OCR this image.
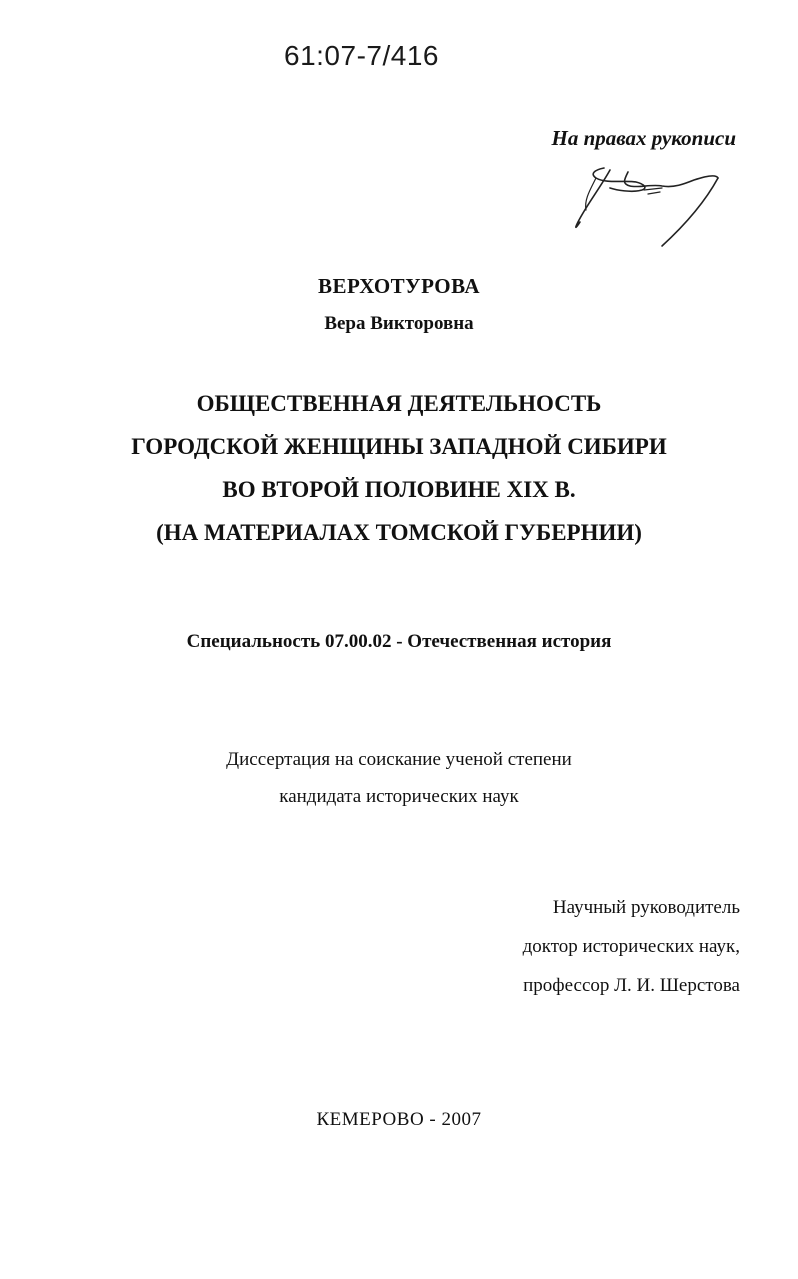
61:07-7/416
На правах рукописи
ВЕРХОТУРОВА
Вера Викторовна
ОБЩЕСТВЕННАЯ ДЕЯТЕЛЬНОСТЬ
ГОРОДСКОЙ ЖЕНЩИНЫ ЗАПАДНОЙ СИБИРИ
ВО ВТОРОЙ ПОЛОВИНЕ XIX В.
(НА МАТЕРИАЛАХ ТОМСКОЙ ГУБЕРНИИ)
Специальность 07.00.02 - Отечественная история
Диссертация на соискание ученой степени
кандидата исторических наук
Научный руководитель
доктор исторических наук,
профессор Л. И. Шерстова
КЕМЕРОВО - 2007
